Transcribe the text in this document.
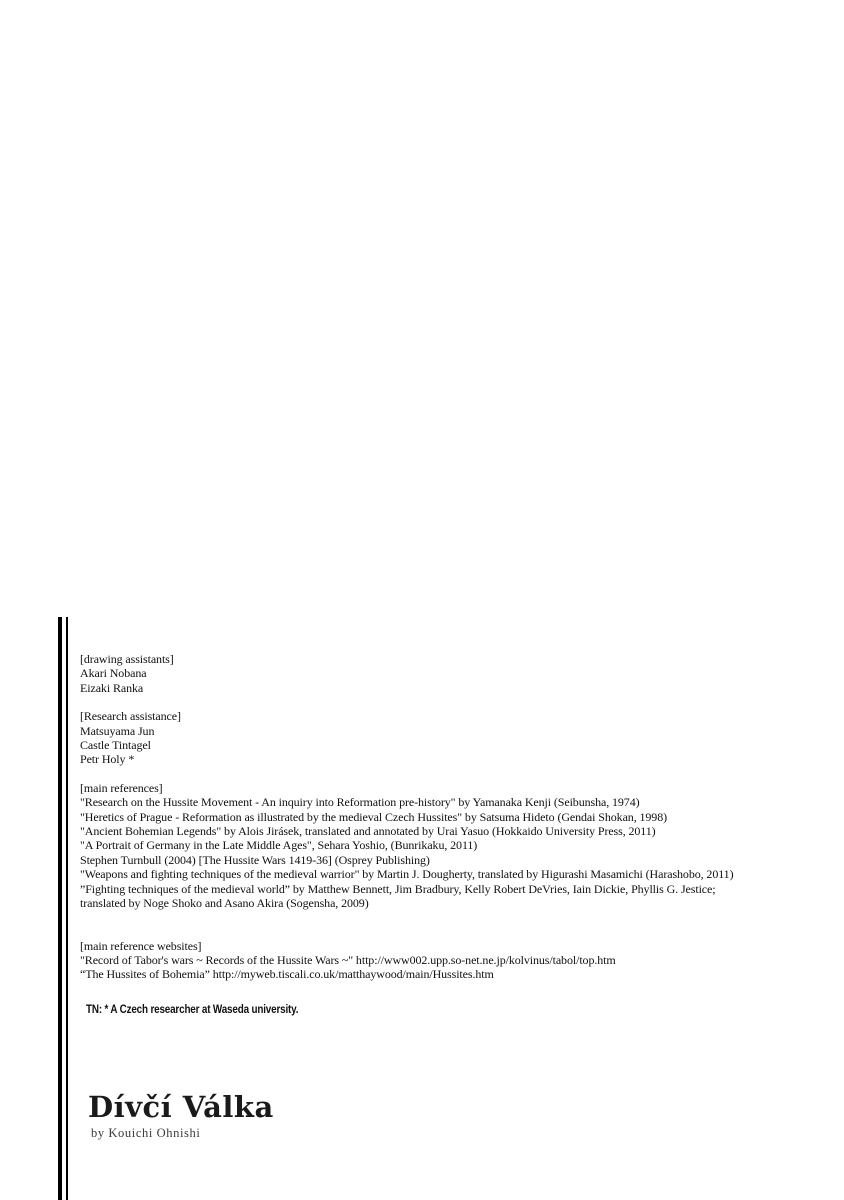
[drawing assistants]
Akari Nobana
Eizaki Ranka
[Research assistance]
Matsuyama Jun
Castle Tintagel
Petr Holy *
[main references]
"Research on the Hussite Movement - An inquiry into Reformation pre-history" by Yamanaka Kenji (Seibunsha, 1974)
"Heretics of Prague - Reformation as illustrated by the medieval Czech Hussites" by Satsuma Hideto (Gendai Shokan, 1998)
"Ancient Bohemian Legends" by Alois Jirásek, translated and annotated by Urai Yasuo (Hokkaido University Press, 2011)
"A Portrait of Germany in the Late Middle Ages", Sehara Yoshio, (Bunrikaku, 2011)
Stephen Turnbull (2004) [The Hussite Wars 1419-36] (Osprey Publishing)
"Weapons and fighting techniques of the medieval warrior" by Martin J. Dougherty, translated by Higurashi Masamichi (Harashobo, 2011)
”Fighting techniques of the medieval world” by Matthew Bennett, Jim Bradbury, Kelly Robert DeVries, Iain Dickie, Phyllis G. Jestice;
translated by Noge Shoko and Asano Akira (Sogensha, 2009)
[main reference websites]
"Record of Tabor's wars ~ Records of the Hussite Wars ~" http://www002.upp.so-net.ne.jp/kolvinus/tabol/top.htm
“The Hussites of Bohemia” http://myweb.tiscali.co.uk/matthaywood/main/Hussites.htm
TN: * A Czech researcher at Waseda university.
Dívčí Válka
by Kouichi Ohnishi
